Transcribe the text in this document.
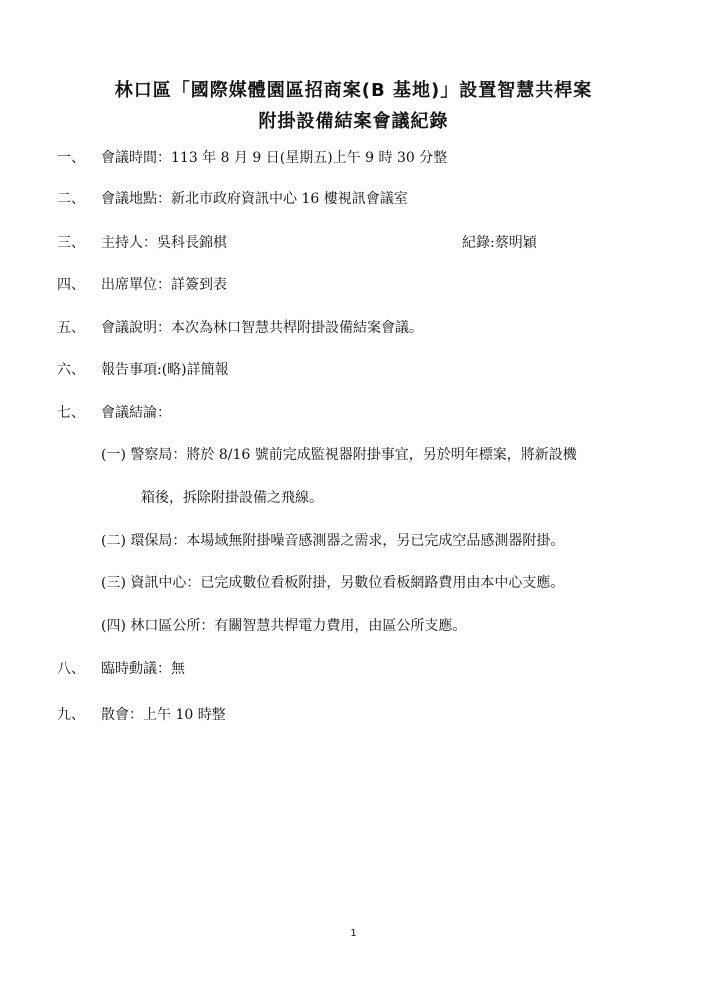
林口區「國際媒體園區招商案(B 基地)」設置智慧共桿案
附掛設備結案會議紀錄
一、 會議時間：113 年 8 月 9 日(星期五)上午 9 時 30 分整
二、 會議地點：新北市政府資訊中心 16 樓視訊會議室
三、 主持人：吳科長錦棋	紀錄:蔡明穎
四、 出席單位：詳簽到表
五、 會議說明：本次為林口智慧共桿附掛設備結案會議。
六、 報告事項:(略)詳簡報
七、 會議結論：
(一) 警察局：將於 8/16 號前完成監視器附掛事宜，另於明年標案，將新設機
箱後，拆除附掛設備之飛線。
(二) 環保局：本場域無附掛噪音感測器之需求，另已完成空品感測器附掛。
(三) 資訊中心：已完成數位看板附掛，另數位看板網路費用由本中心支應。
(四) 林口區公所：有關智慧共桿電力費用，由區公所支應。
八、 臨時動議：無
九、 散會：上午 10 時整
1
